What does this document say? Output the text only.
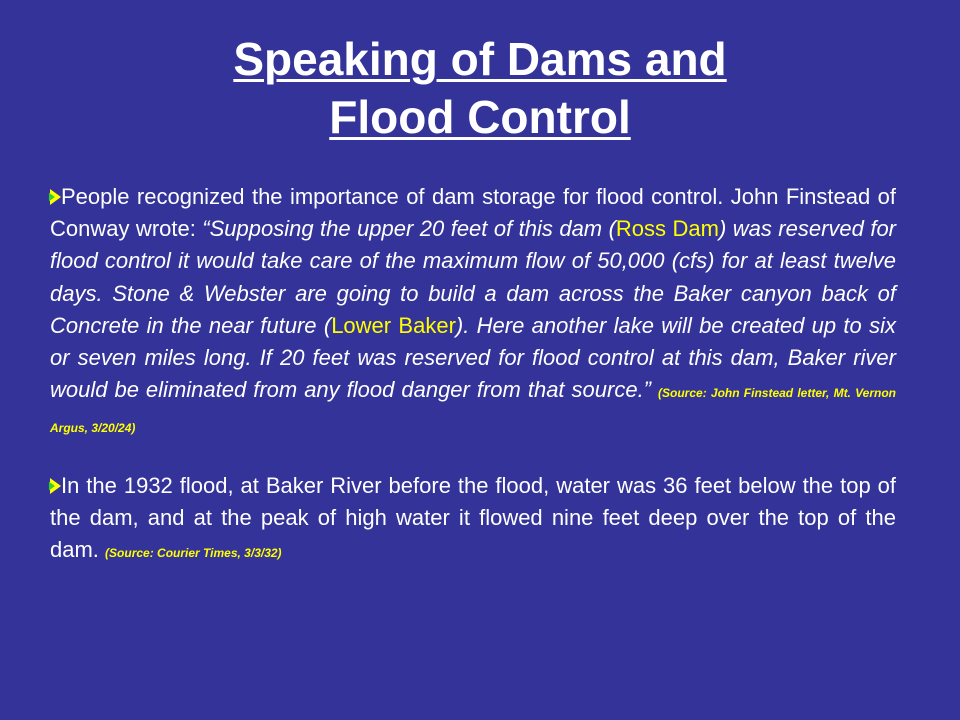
Speaking of Dams and
Flood Control

People recognized the importance of dam storage for flood control. John Finstead of Conway wrote: “Supposing the upper 20 feet of this dam (Ross Dam) was reserved for flood control it would take care of the maximum flow of 50,000 (cfs) for at least twelve days. Stone & Webster are going to build a dam across the Baker canyon back of Concrete in the near future (Lower Baker). Here another lake will be created up to six or seven miles long. If 20 feet was reserved for flood control at this dam, Baker river would be eliminated from any flood danger from that source.” (Source: John Finstead letter, Mt. Vernon Argus, 3/20/24)

In the 1932 flood, at Baker River before the flood, water was 36 feet below the top of the dam, and at the peak of high water it flowed nine feet deep over the top of the dam. (Source: Courier Times, 3/3/32)
